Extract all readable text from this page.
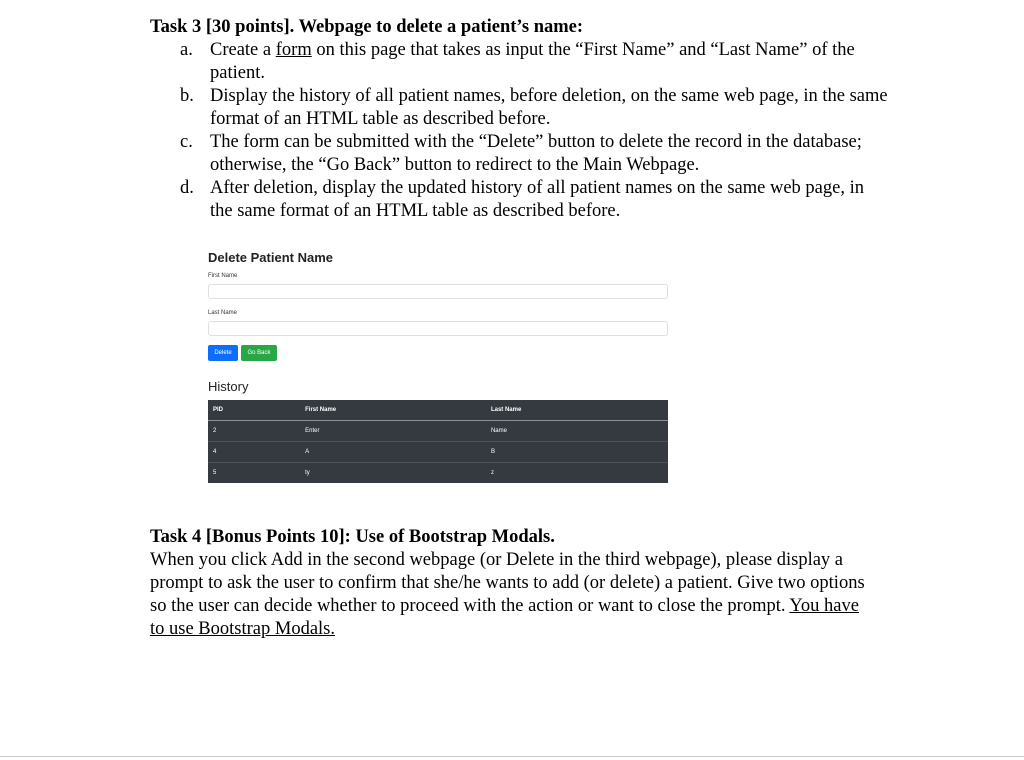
Task 3 [30 points]. Webpage to delete a patient’s name:
a. Create a form on this page that takes as input the “First Name” and “Last Name” of the patient.
b. Display the history of all patient names, before deletion, on the same web page, in the same format of an HTML table as described before.
c. The form can be submitted with the “Delete” button to delete the record in the database; otherwise, the “Go Back” button to redirect to the Main Webpage.
d. After deletion, display the updated history of all patient names on the same web page, in the same format of an HTML table as described before.
Delete Patient Name
First Name
Last Name
Delete	Go Back
History
PID	First Name	Last Name
2	Enter	Name
4	A	B
5	ty	z
Task 4 [Bonus Points 10]: Use of Bootstrap Modals.

When you click Add in the second webpage (or Delete in the third webpage), please display a prompt to ask the user to confirm that she/he wants to add (or delete) a patient. Give two options so the user can decide whether to proceed with the action or want to close the prompt. You have to use Bootstrap Modals.
